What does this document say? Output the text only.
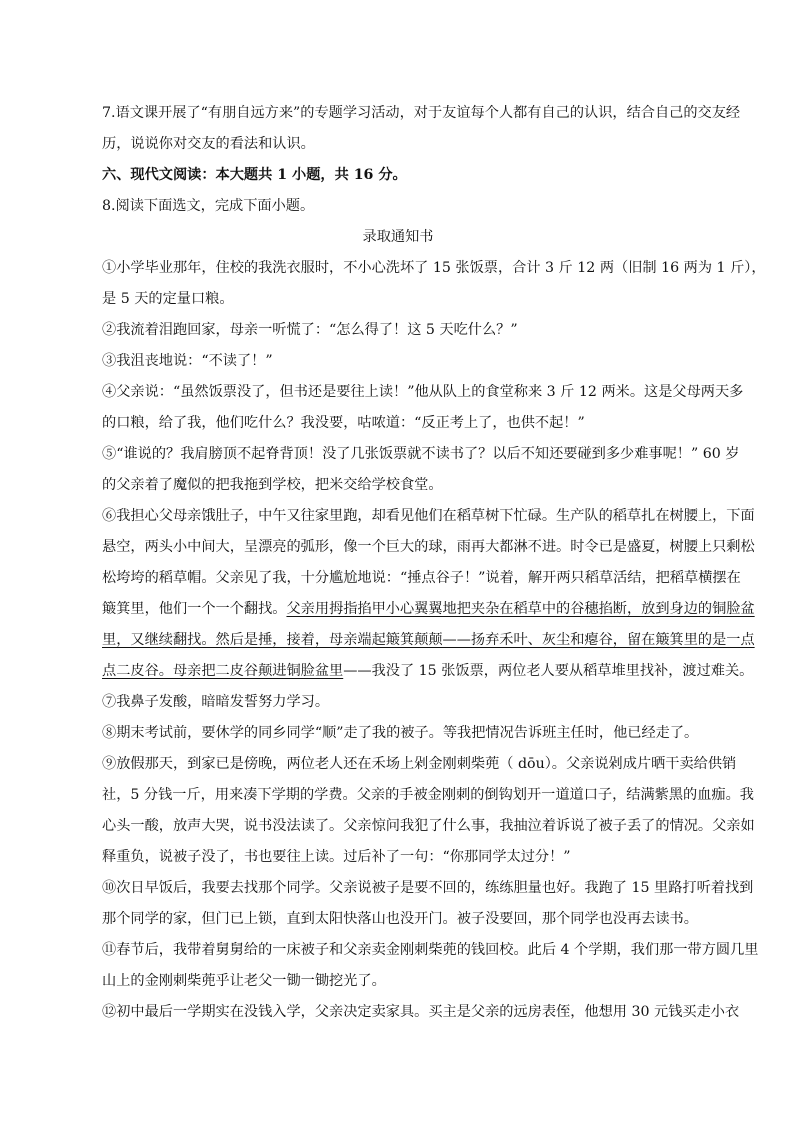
7.语文课开展了“有朋自远方来”的专题学习活动，对于友谊每个人都有自己的认识，结合自己的交友经
历，说说你对交友的看法和认识。
六、现代文阅读：本大题共 1 小题，共 16 分。
8.阅读下面选文，完成下面小题。
录取通知书
①小学毕业那年，住校的我洗衣服时，不小心洗坏了 15 张饭票，合计 3 斤 12 两（旧制 16 两为 1 斤），
是 5 天的定量口粮。
②我流着泪跑回家，母亲一听慌了：“怎么得了！这 5 天吃什么？”
③我沮丧地说：“不读了！”
④父亲说：“虽然饭票没了，但书还是要往上读！”他从队上的食堂称来 3 斤 12 两米。这是父母两天多
的口粮，给了我，他们吃什么？我没要，咕哝道：“反正考上了，也供不起！”
⑤“谁说的？我肩膀顶不起脊背顶！没了几张饭票就不读书了？以后不知还要碰到多少难事呢！” 60 岁
的父亲着了魔似的把我拖到学校，把米交给学校食堂。
⑥我担心父母亲饿肚子，中午又往家里跑，却看见他们在稻草树下忙碌。生产队的稻草扎在树腰上，下面
悬空，两头小中间大，呈漂亮的弧形，像一个巨大的球，雨再大都淋不进。时令已是盛夏，树腰上只剩松
松垮垮的稻草帽。父亲见了我，十分尴尬地说：“捶点谷子！”说着，解开两只稻草活结，把稻草横摆在
簸箕里，他们一个一个翻找。父亲用拇指掐甲小心翼翼地把夹杂在稻草中的谷穗掐断，放到身边的铜脸盆
里，又继续翻找。然后是捶，接着，母亲端起簸箕颠颠——扬弃禾叶、灰尘和瘪谷，留在簸箕里的是一点
点二皮谷。母亲把二皮谷颠进铜脸盆里——我没了 15 张饭票，两位老人要从稻草堆里找补，渡过难关。
⑦我鼻子发酸，暗暗发誓努力学习。
⑧期末考试前，要休学的同乡同学“顺”走了我的被子。等我把情况告诉班主任时，他已经走了。
⑨放假那天，到家已是傍晚，两位老人还在禾场上剁金刚刺柴蔸（ dōu）。父亲说剁成片晒干卖给供销
社，5 分钱一斤，用来凑下学期的学费。父亲的手被金刚刺的倒钩划开一道道口子，结满紫黑的血痂。我
心头一酸，放声大哭，说书没法读了。父亲惊问我犯了什么事，我抽泣着诉说了被子丢了的情况。父亲如
释重负，说被子没了，书也要往上读。过后补了一句：“你那同学太过分！”
⑩次日早饭后，我要去找那个同学。父亲说被子是要不回的，练练胆量也好。我跑了 15 里路打听着找到
那个同学的家，但门已上锁，直到太阳快落山也没开门。被子没要回，那个同学也没再去读书。
⑪春节后，我带着舅舅给的一床被子和父亲卖金刚刺柴蔸的钱回校。此后 4 个学期，我们那一带方圆几里
山上的金刚刺柴蔸乎让老父一锄一锄挖光了。
⑫初中最后一学期实在没钱入学，父亲决定卖家具。买主是父亲的远房表侄，他想用 30 元钱买走小衣
